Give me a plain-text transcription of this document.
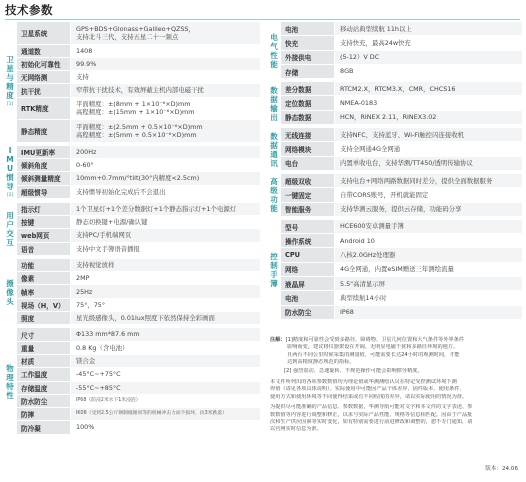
技术参数
卫
星
与
精
度
[1]
卫星系统
GPS+BDS+Glonass+Galileo+QZSS，
支持北斗三代，支持五星二十一频点
通道数	1408
初始化可靠性	99.9%
无网络测	支持
抗干扰	窄带抗干扰技术，有效屏蔽主机内部电磁干扰
RTK精度
平面精度：±(8mm + 1×10⁻⁶×D)mm
高程精度：±(15mm + 1×10⁻⁶×D)mm
静态精度
平面精度：±(2.5mm + 0.5×10⁻⁶×D)mm
高程精度：±(5mm + 0.5×10⁻⁶×D)mm
I
M
U
惯
导
[2]
IMU更新率	200Hz
倾斜角度	0-60°
倾斜测量精度	10mm+0.7mm/°tilt(30°内精度<2.5cm)
超级惯导	支持惯导初始化完成后不会退出
用
户
交
互
指示灯	1个卫星灯+1个差分数据灯+1个静态指示灯+1个电源灯
按键	静态切换键+电源/确认键
web网页	支持PC/手机端网页
语音	支持中文手簿语音播报
摄
像
头
功能	支持视觉放样
像素	2MP
帧率	25Hz
视场（H，V）	75°，75°
照度	星光级感像头，0.01lux照度下依然保持全彩画面
物
理
特
性
尺寸	Φ133 mm*87.6 mm
重量	0.8 Kg（含电池）
材质	镁合金
工作温度	-45°C~+75°C
存储温度	-55°C~+85°C
防水防尘	IP68（防浸2米水下1米浸泡）
防摔	IK08（受到2.5公斤钢制撞锤同等的机械冲击力而不损坏，抗3米跌落）
防冷凝	100%
电
气
性
能
电池	移动站典型续航 11h以上
快充	支持快充，最高24w快充
外接供电	(5-12）V DC
存储	8GB
数
据
输
出
差分数据	RTCM2.X，RTCM3.X，CMR，CHCS16
定位数据	NMEA-0183
静态数据	HCN，RINEX 2.11，RINEX3.02
数
据
通
讯
无线连接	支持NFC，支持蓝牙、Wi-Fi触控闪连接收机
网络模块	支持全网通4G全网通
电台	内置单收电台，支持华测/TT450/透明传输协议
高
级
功
能
超级双收	支持电台+网络两路数据同时差分，提供全面数据服务
一键固定	自带CORS账号，开机就能固定
智能服务	支持华测云服务，提供云存储，功能码分享
控
制
手
簿
型号	HCE600安卓测量手簿
操作系统	Android 10
CPU	八核2.0GHz处理器
网络	4G全网通，内置eSIM赠送三年测绘流量
液晶屏	5.5"高清显示屏
电池	典型续航14小时
防水防尘	IP68

注解：[1]精度和可靠性会受到多路径、障碍物、卫星几何位置和大气条件等外界条件
影响而变。建议将仪器架设在开阔、无明显电磁干扰和多路径环境的地方。
且两台不同公里时候采集的测量值，可能需要长达24小时的观测时间，才能
达到高精度静态规范的指标。

[2] 强烈震动、急速旋转、不规范操作可能会影响惯导精度。

本文件所列出的各项参数数值均为理论值或华测测绘认员在特定受控测试环境下测
得值（请见各项具体说明）。实际使用中可能因产品个体差异、固件版本、使用条件、
使用方式和使用环境等不同使得结果或有不同程度的差异，请以实际使用的情况为准。

为提供尽可能准确的产品信息、参数数据，华测导航可能对文字和本文件的文字表述、参
数数值等内容进行调整和修正，以求与实际产品性能、规格等信息相匹配。因由于产品批
次和生产供应因素等实时变化，如有特别需要进行前进修改和调整的，恕不专门通知，请
以官网实时信息为准。

版本：24.06
